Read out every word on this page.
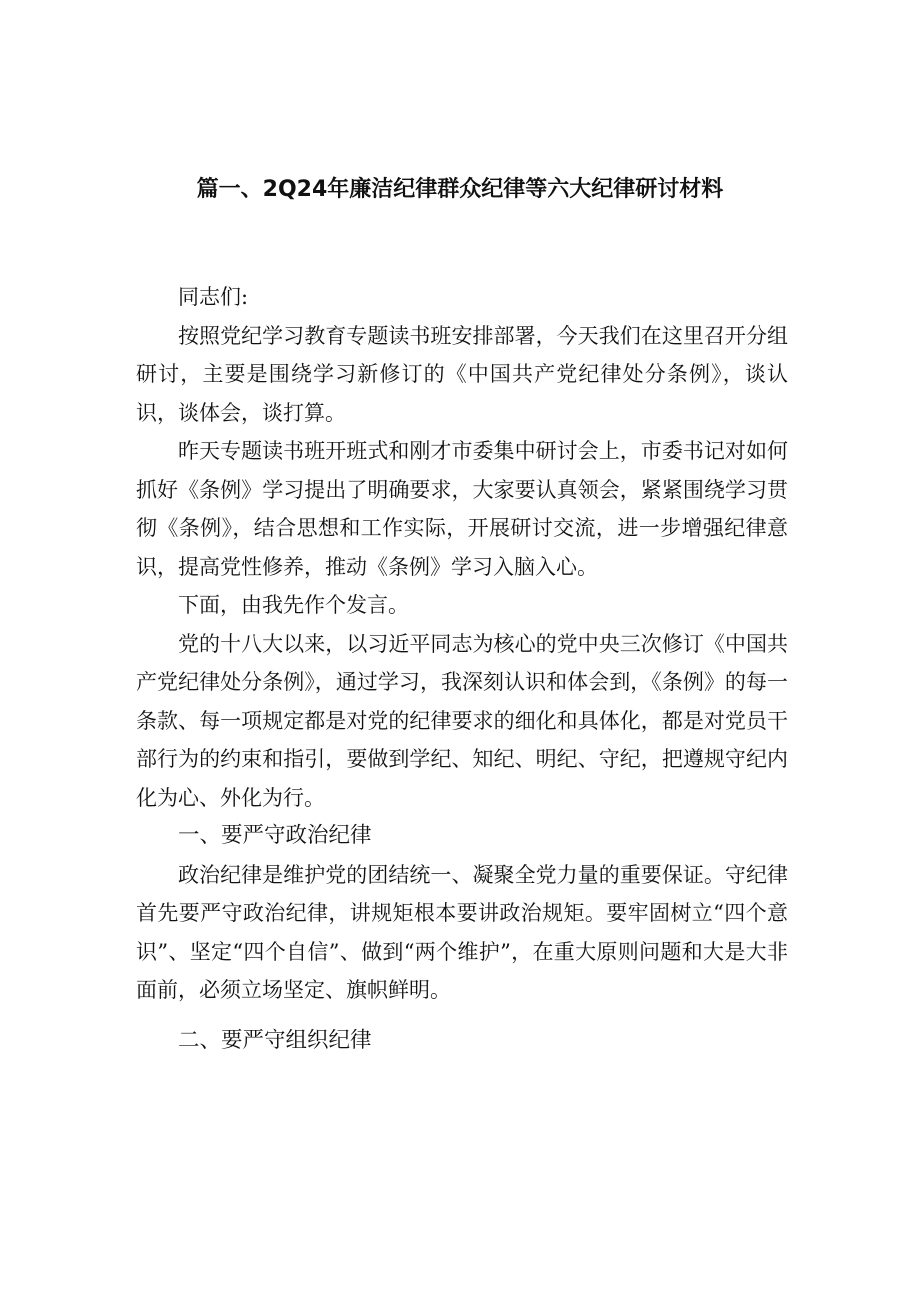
篇一、2Q24年廉洁纪律群众纪律等六大纪律研讨材料

同志们:

按照党纪学习教育专题读书班安排部署，今天我们在这里召开分组研讨，主要是围绕学习新修订的《中国共产党纪律处分条例》，谈认识，谈体会，谈打算。

昨天专题读书班开班式和刚才市委集中研讨会上，市委书记对如何抓好《条例》学习提出了明确要求，大家要认真领会，紧紧围绕学习贯彻《条例》，结合思想和工作实际，开展研讨交流，进一步增强纪律意识，提高党性修养，推动《条例》学习入脑入心。

下面，由我先作个发言。

党的十八大以来，以习近平同志为核心的党中央三次修订《中国共产党纪律处分条例》，通过学习，我深刻认识和体会到，《条例》的每一条款、每一项规定都是对党的纪律要求的细化和具体化，都是对党员干部行为的约束和指引，要做到学纪、知纪、明纪、守纪，把遵规守纪内化为心、外化为行。

一、要严守政治纪律

政治纪律是维护党的团结统一、凝聚全党力量的重要保证。守纪律首先要严守政治纪律，讲规矩根本要讲政治规矩。要牢固树立“四个意识”、坚定“四个自信”、做到“两个维护”，在重大原则问题和大是大非面前，必须立场坚定、旗帜鲜明。

二、要严守组织纪律
